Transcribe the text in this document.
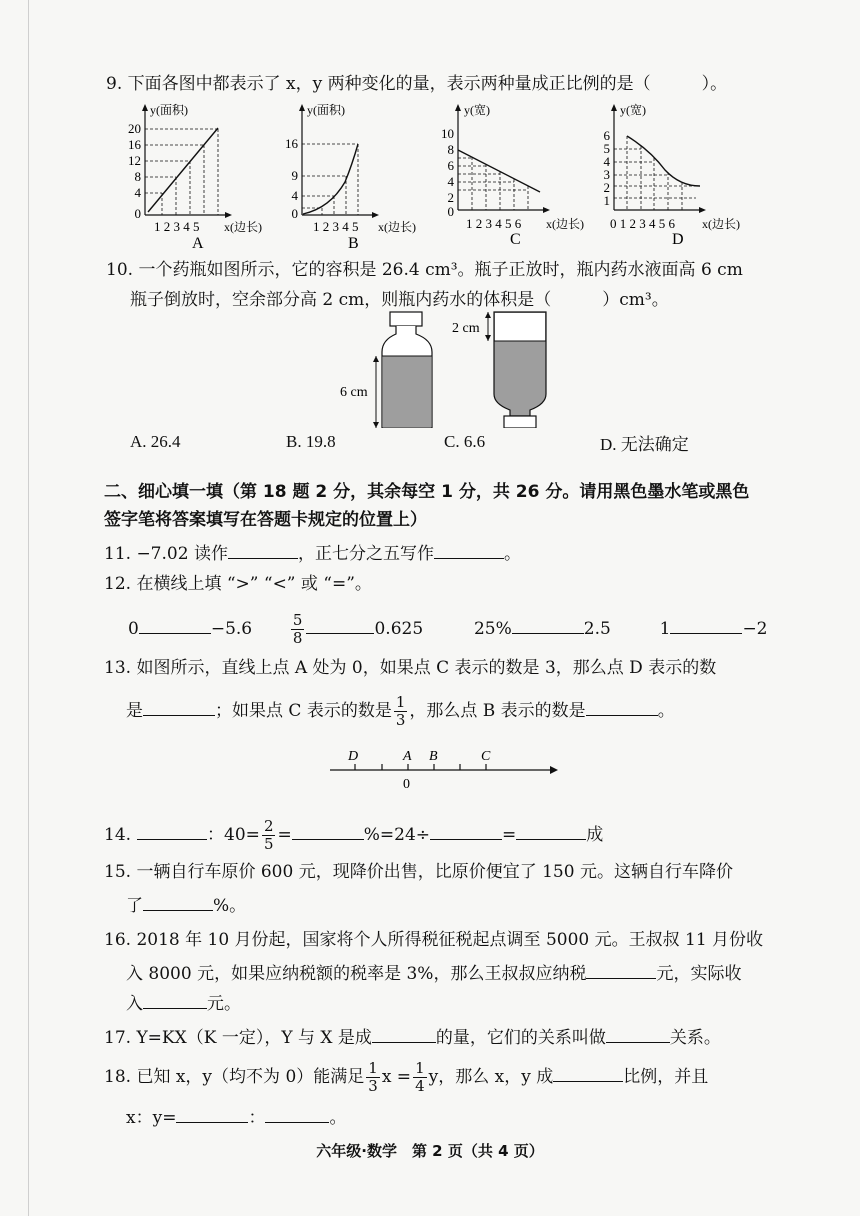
9. 下面各图中都表示了 x，y 两种变化的量，表示两种量成正比例的是（　　　）。
y(面积)
20
16
12
8
4
0
1 2 3 4 5 x(边长)
A
y(面积)
16
9
4
0
1 2 3 4 5 x(边长)
B
y(宽)
10
8
6
4
2
0
1 2 3 4 5 6 x(边长)
C
y(宽)
6
5
4
3
2
1
0 1 2 3 4 5 6 x(边长)
D
10. 一个药瓶如图所示，它的容积是 26.4 cm³。瓶子正放时，瓶内药水液面高 6 cm
瓶子倒放时，空余部分高 2 cm，则瓶内药水的体积是（　　　）cm³。
6 cm
2 cm
A. 26.4	B. 19.8	C. 6.6	D. 无法确定
二、细心填一填（第 18 题 2 分，其余每空 1 分，共 26 分。请用黑色墨水笔或黑色
签字笔将答案填写在答题卡规定的位置上）
11. −7.02 读作	，正七分之五写作	。
12. 在横线上填 “>” “<” 或 “=”。
0	−5.6	$\frac{5}{8}$	0.625	25%	2.5	1	−2
13. 如图所示，直线上点 A 处为 0，如果点 C 表示的数是 3，那么点 D 表示的数
是	；如果点 C 表示的数是 $\frac{1}{3}$ ，那么点 B 表示的数是	。
D	A B	C
0
14.	：$40= \frac{2}{5}$ =	%=24÷	=	成
15. 一辆自行车原价 600 元，现降价出售，比原价便宜了 150 元。这辆自行车降价
了	%。
16. 2018 年 10 月份起，国家将个人所得税征税起点调至 5000 元。王叔叔 11 月份收
入 8000 元，如果应纳税额的税率是 3%，那么王叔叔应纳税	元，实际收
入	元。
17. Y=KX（K 一定），Y 与 X 是成	的量，它们的关系叫做	关系。
18. 已知 x，y（均不为 0）能满足 $\frac{1}{3}$ $x = \frac{1}{4}$ y，那么 x，y 成	比例，并且
x：y=	：	。
六年级·数学　第 2 页（共 4 页）
